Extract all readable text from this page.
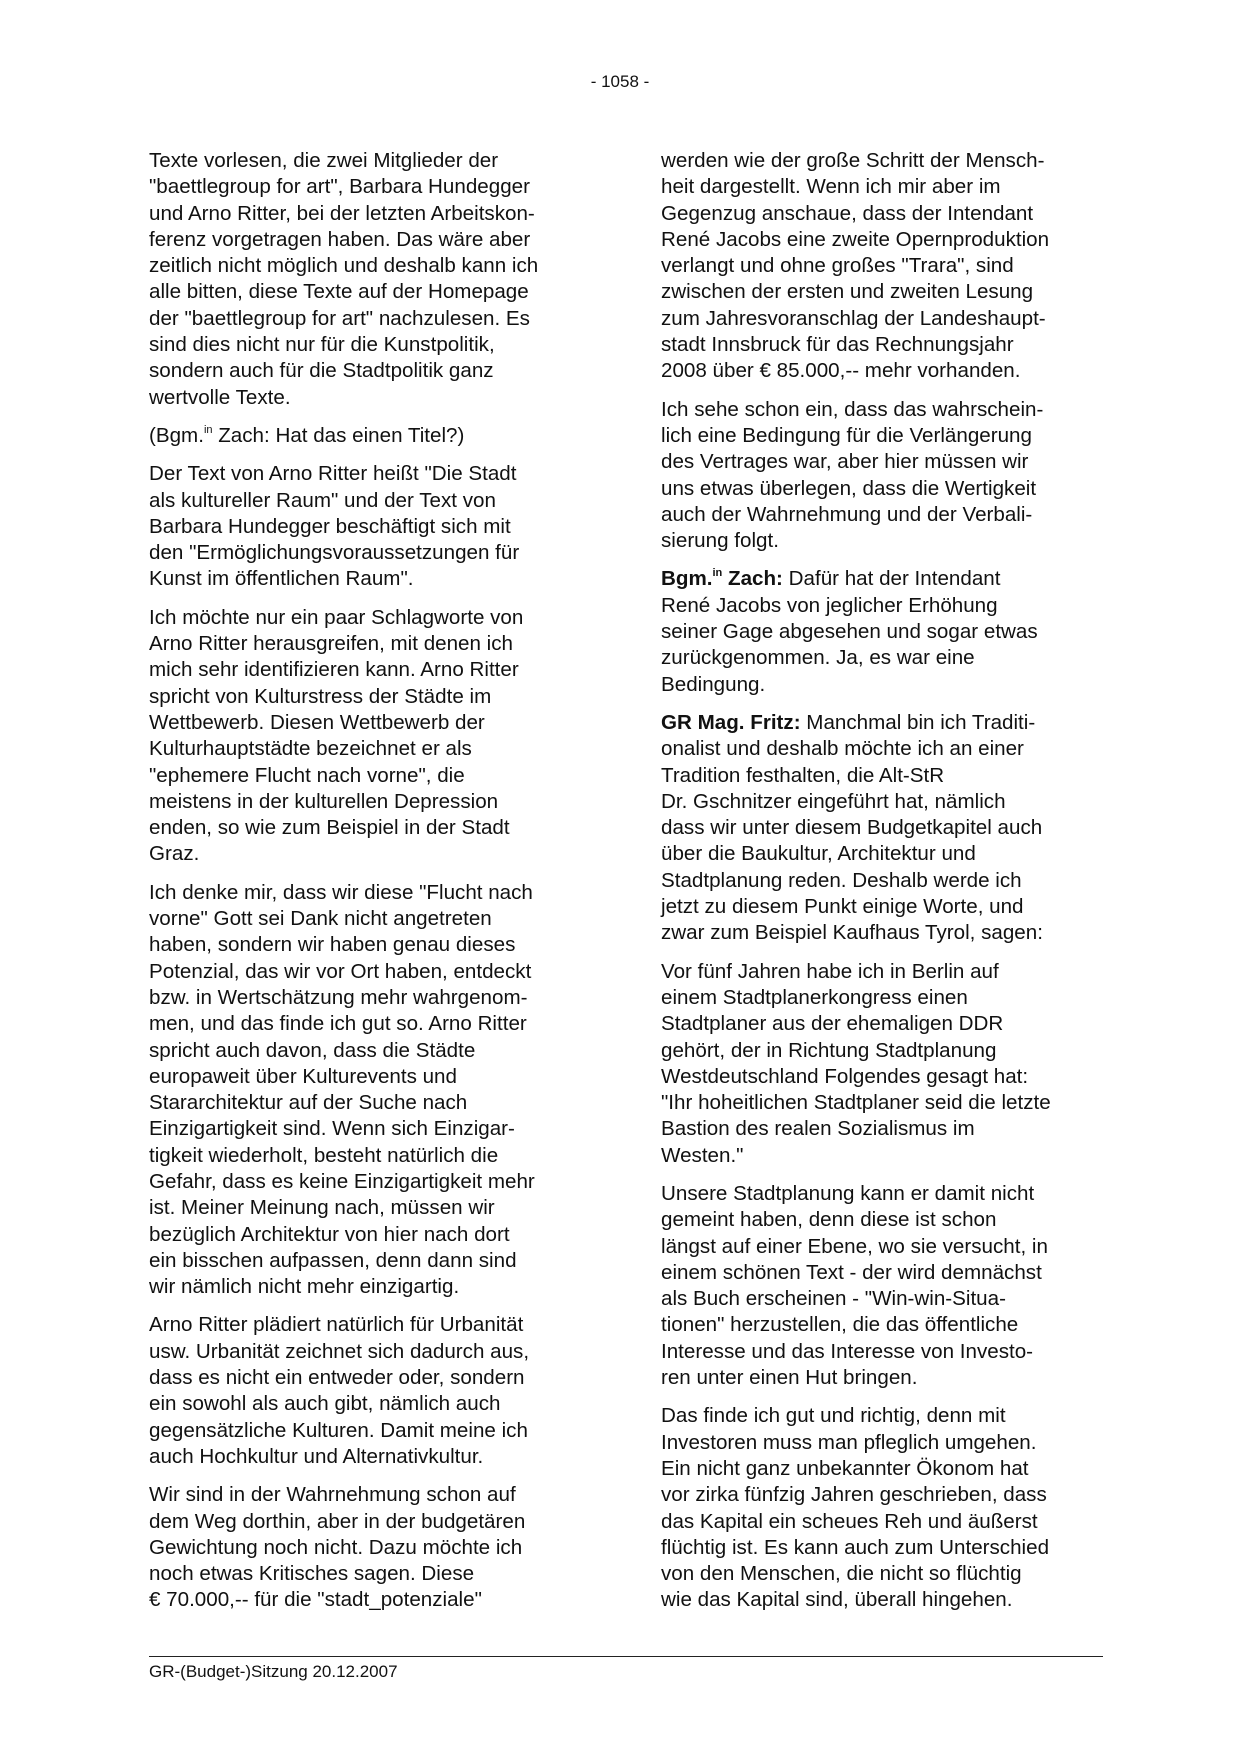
- 1058 -

Texte vorlesen, die zwei Mitglieder der
"baettlegroup for art", Barbara Hundegger
und Arno Ritter, bei der letzten Arbeitskon-
ferenz vorgetragen haben. Das wäre aber
zeitlich nicht möglich und deshalb kann ich
alle bitten, diese Texte auf der Homepage
der "baettlegroup for art" nachzulesen. Es
sind dies nicht nur für die Kunstpolitik,
sondern auch für die Stadtpolitik ganz
wertvolle Texte.

(Bgm.$^{in}$ Zach: Hat das einen Titel?)

Der Text von Arno Ritter heißt "Die Stadt
als kultureller Raum" und der Text von
Barbara Hundegger beschäftigt sich mit
den "Ermöglichungsvoraussetzungen für
Kunst im öffentlichen Raum".

Ich möchte nur ein paar Schlagworte von
Arno Ritter herausgreifen, mit denen ich
mich sehr identifizieren kann. Arno Ritter
spricht von Kulturstress der Städte im
Wettbewerb. Diesen Wettbewerb der
Kulturhauptstädte bezeichnet er als
"ephemere Flucht nach vorne", die
meistens in der kulturellen Depression
enden, so wie zum Beispiel in der Stadt
Graz.

Ich denke mir, dass wir diese "Flucht nach
vorne" Gott sei Dank nicht angetreten
haben, sondern wir haben genau dieses
Potenzial, das wir vor Ort haben, entdeckt
bzw. in Wertschätzung mehr wahrgenom-
men, und das finde ich gut so. Arno Ritter
spricht auch davon, dass die Städte
europaweit über Kulturevents und
Stararchitektur auf der Suche nach
Einzigartigkeit sind. Wenn sich Einzigar-
tigkeit wiederholt, besteht natürlich die
Gefahr, dass es keine Einzigartigkeit mehr
ist. Meiner Meinung nach, müssen wir
bezüglich Architektur von hier nach dort
ein bisschen aufpassen, denn dann sind
wir nämlich nicht mehr einzigartig.

Arno Ritter plädiert natürlich für Urbanität
usw. Urbanität zeichnet sich dadurch aus,
dass es nicht ein entweder oder, sondern
ein sowohl als auch gibt, nämlich auch
gegensätzliche Kulturen. Damit meine ich
auch Hochkultur und Alternativkultur.

Wir sind in der Wahrnehmung schon auf
dem Weg dorthin, aber in der budgetären
Gewichtung noch nicht. Dazu möchte ich
noch etwas Kritisches sagen. Diese
€ 70.000,-- für die "stadt_potenziale"

werden wie der große Schritt der Mensch-
heit dargestellt. Wenn ich mir aber im
Gegenzug anschaue, dass der Intendant
René Jacobs eine zweite Opernproduktion
verlangt und ohne großes "Trara", sind
zwischen der ersten und zweiten Lesung
zum Jahresvoranschlag der Landeshaupt-
stadt Innsbruck für das Rechnungsjahr
2008 über € 85.000,-- mehr vorhanden.

Ich sehe schon ein, dass das wahrschein-
lich eine Bedingung für die Verlängerung
des Vertrages war, aber hier müssen wir
uns etwas überlegen, dass die Wertigkeit
auch der Wahrnehmung und der Verbali-
sierung folgt.

Bgm.$^{in}$ Zach: Dafür hat der Intendant
René Jacobs von jeglicher Erhöhung
seiner Gage abgesehen und sogar etwas
zurückgenommen. Ja, es war eine
Bedingung.

GR Mag. Fritz: Manchmal bin ich Traditi-
onalist und deshalb möchte ich an einer
Tradition festhalten, die Alt-StR
Dr. Gschnitzer eingeführt hat, nämlich
dass wir unter diesem Budgetkapitel auch
über die Baukultur, Architektur und
Stadtplanung reden. Deshalb werde ich
jetzt zu diesem Punkt einige Worte, und
zwar zum Beispiel Kaufhaus Tyrol, sagen:

Vor fünf Jahren habe ich in Berlin auf
einem Stadtplanerkongress einen
Stadtplaner aus der ehemaligen DDR
gehört, der in Richtung Stadtplanung
Westdeutschland Folgendes gesagt hat:
"Ihr hoheitlichen Stadtplaner seid die letzte
Bastion des realen Sozialismus im
Westen."

Unsere Stadtplanung kann er damit nicht
gemeint haben, denn diese ist schon
längst auf einer Ebene, wo sie versucht, in
einem schönen Text - der wird demnächst
als Buch erscheinen - "Win-win-Situa-
tionen" herzustellen, die das öffentliche
Interesse und das Interesse von Investo-
ren unter einen Hut bringen.

Das finde ich gut und richtig, denn mit
Investoren muss man pfleglich umgehen.
Ein nicht ganz unbekannter Ökonom hat
vor zirka fünfzig Jahren geschrieben, dass
das Kapital ein scheues Reh und äußerst
flüchtig ist. Es kann auch zum Unterschied
von den Menschen, die nicht so flüchtig
wie das Kapital sind, überall hingehen.

GR-(Budget-)Sitzung 20.12.2007
